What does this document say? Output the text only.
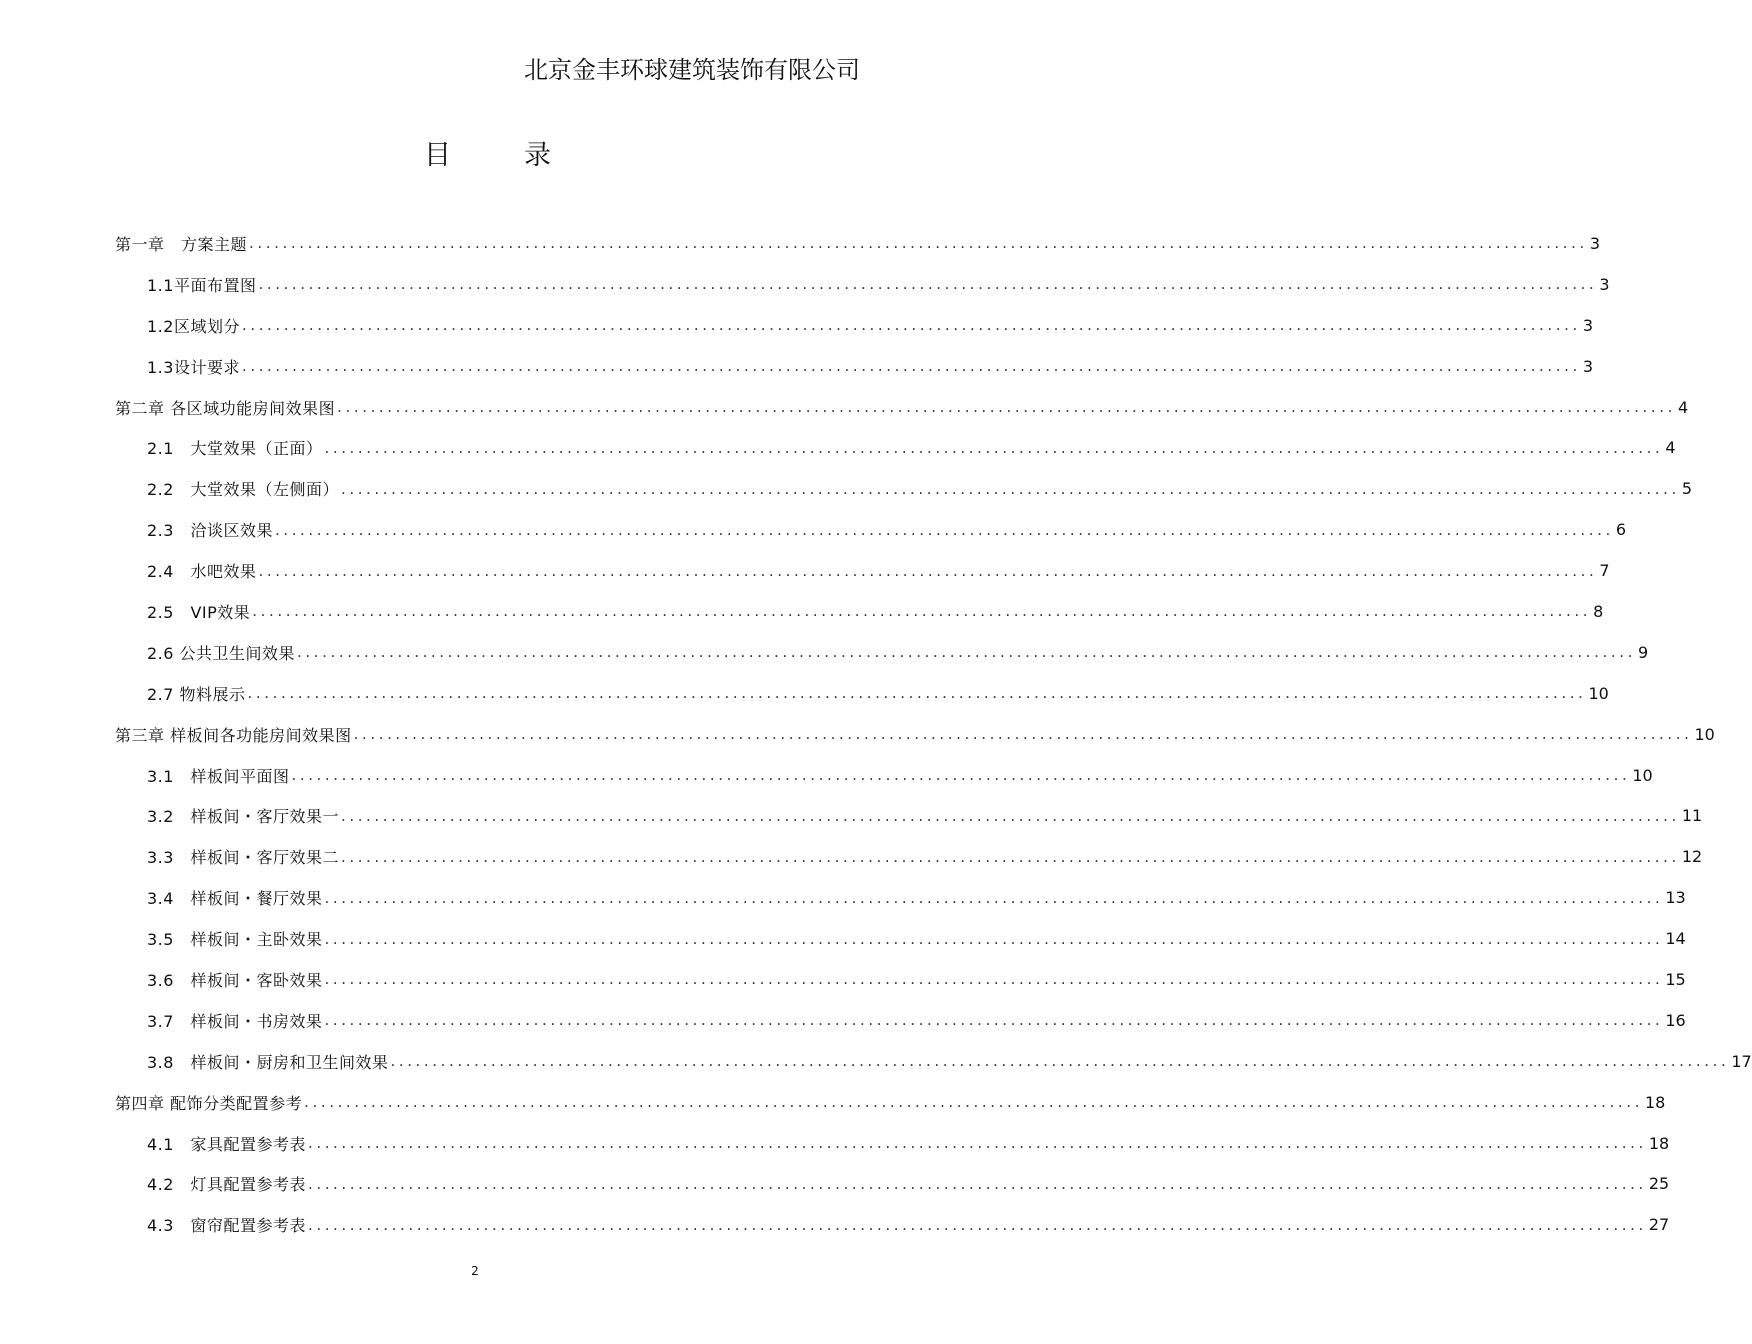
北京金丰环球建筑装饰有限公司
目	录
第一章　方案主题 ................................................................................................................................................................ 3
1.1平面布置图 ................................................................................................................................................................ 3
1.2区域划分 ................................................................................................................................................................ 3
1.3设计要求 ................................................................................................................................................................ 3
第二章 各区域功能房间效果图 ................................................................................................................................................................ 4
2.1　大堂效果（正面） ................................................................................................................................................................ 4
2.2　大堂效果（左侧面） ................................................................................................................................................................ 5
2.3　洽谈区效果 ................................................................................................................................................................ 6
2.4　水吧效果 ................................................................................................................................................................ 7
2.5　VIP效果 ................................................................................................................................................................ 8
2.6 公共卫生间效果 ................................................................................................................................................................ 9
2.7 物料展示 ................................................................................................................................................................ 10
第三章 样板间各功能房间效果图 ................................................................................................................................................................ 10
3.1　样板间平面图 ................................................................................................................................................................ 10
3.2　样板间・客厅效果一 ................................................................................................................................................................ 11
3.3　样板间・客厅效果二 ................................................................................................................................................................ 12
3.4　样板间・餐厅效果 ................................................................................................................................................................ 13
3.5　样板间・主卧效果 ................................................................................................................................................................ 14
3.6　样板间・客卧效果 ................................................................................................................................................................ 15
3.7　样板间・书房效果 ................................................................................................................................................................ 16
3.8　样板间・厨房和卫生间效果 ................................................................................................................................................................ 17
第四章 配饰分类配置参考 ................................................................................................................................................................ 18
4.1　家具配置参考表 ................................................................................................................................................................ 18
4.2　灯具配置参考表 ................................................................................................................................................................ 25
4.3　窗帘配置参考表 ................................................................................................................................................................ 27
2
